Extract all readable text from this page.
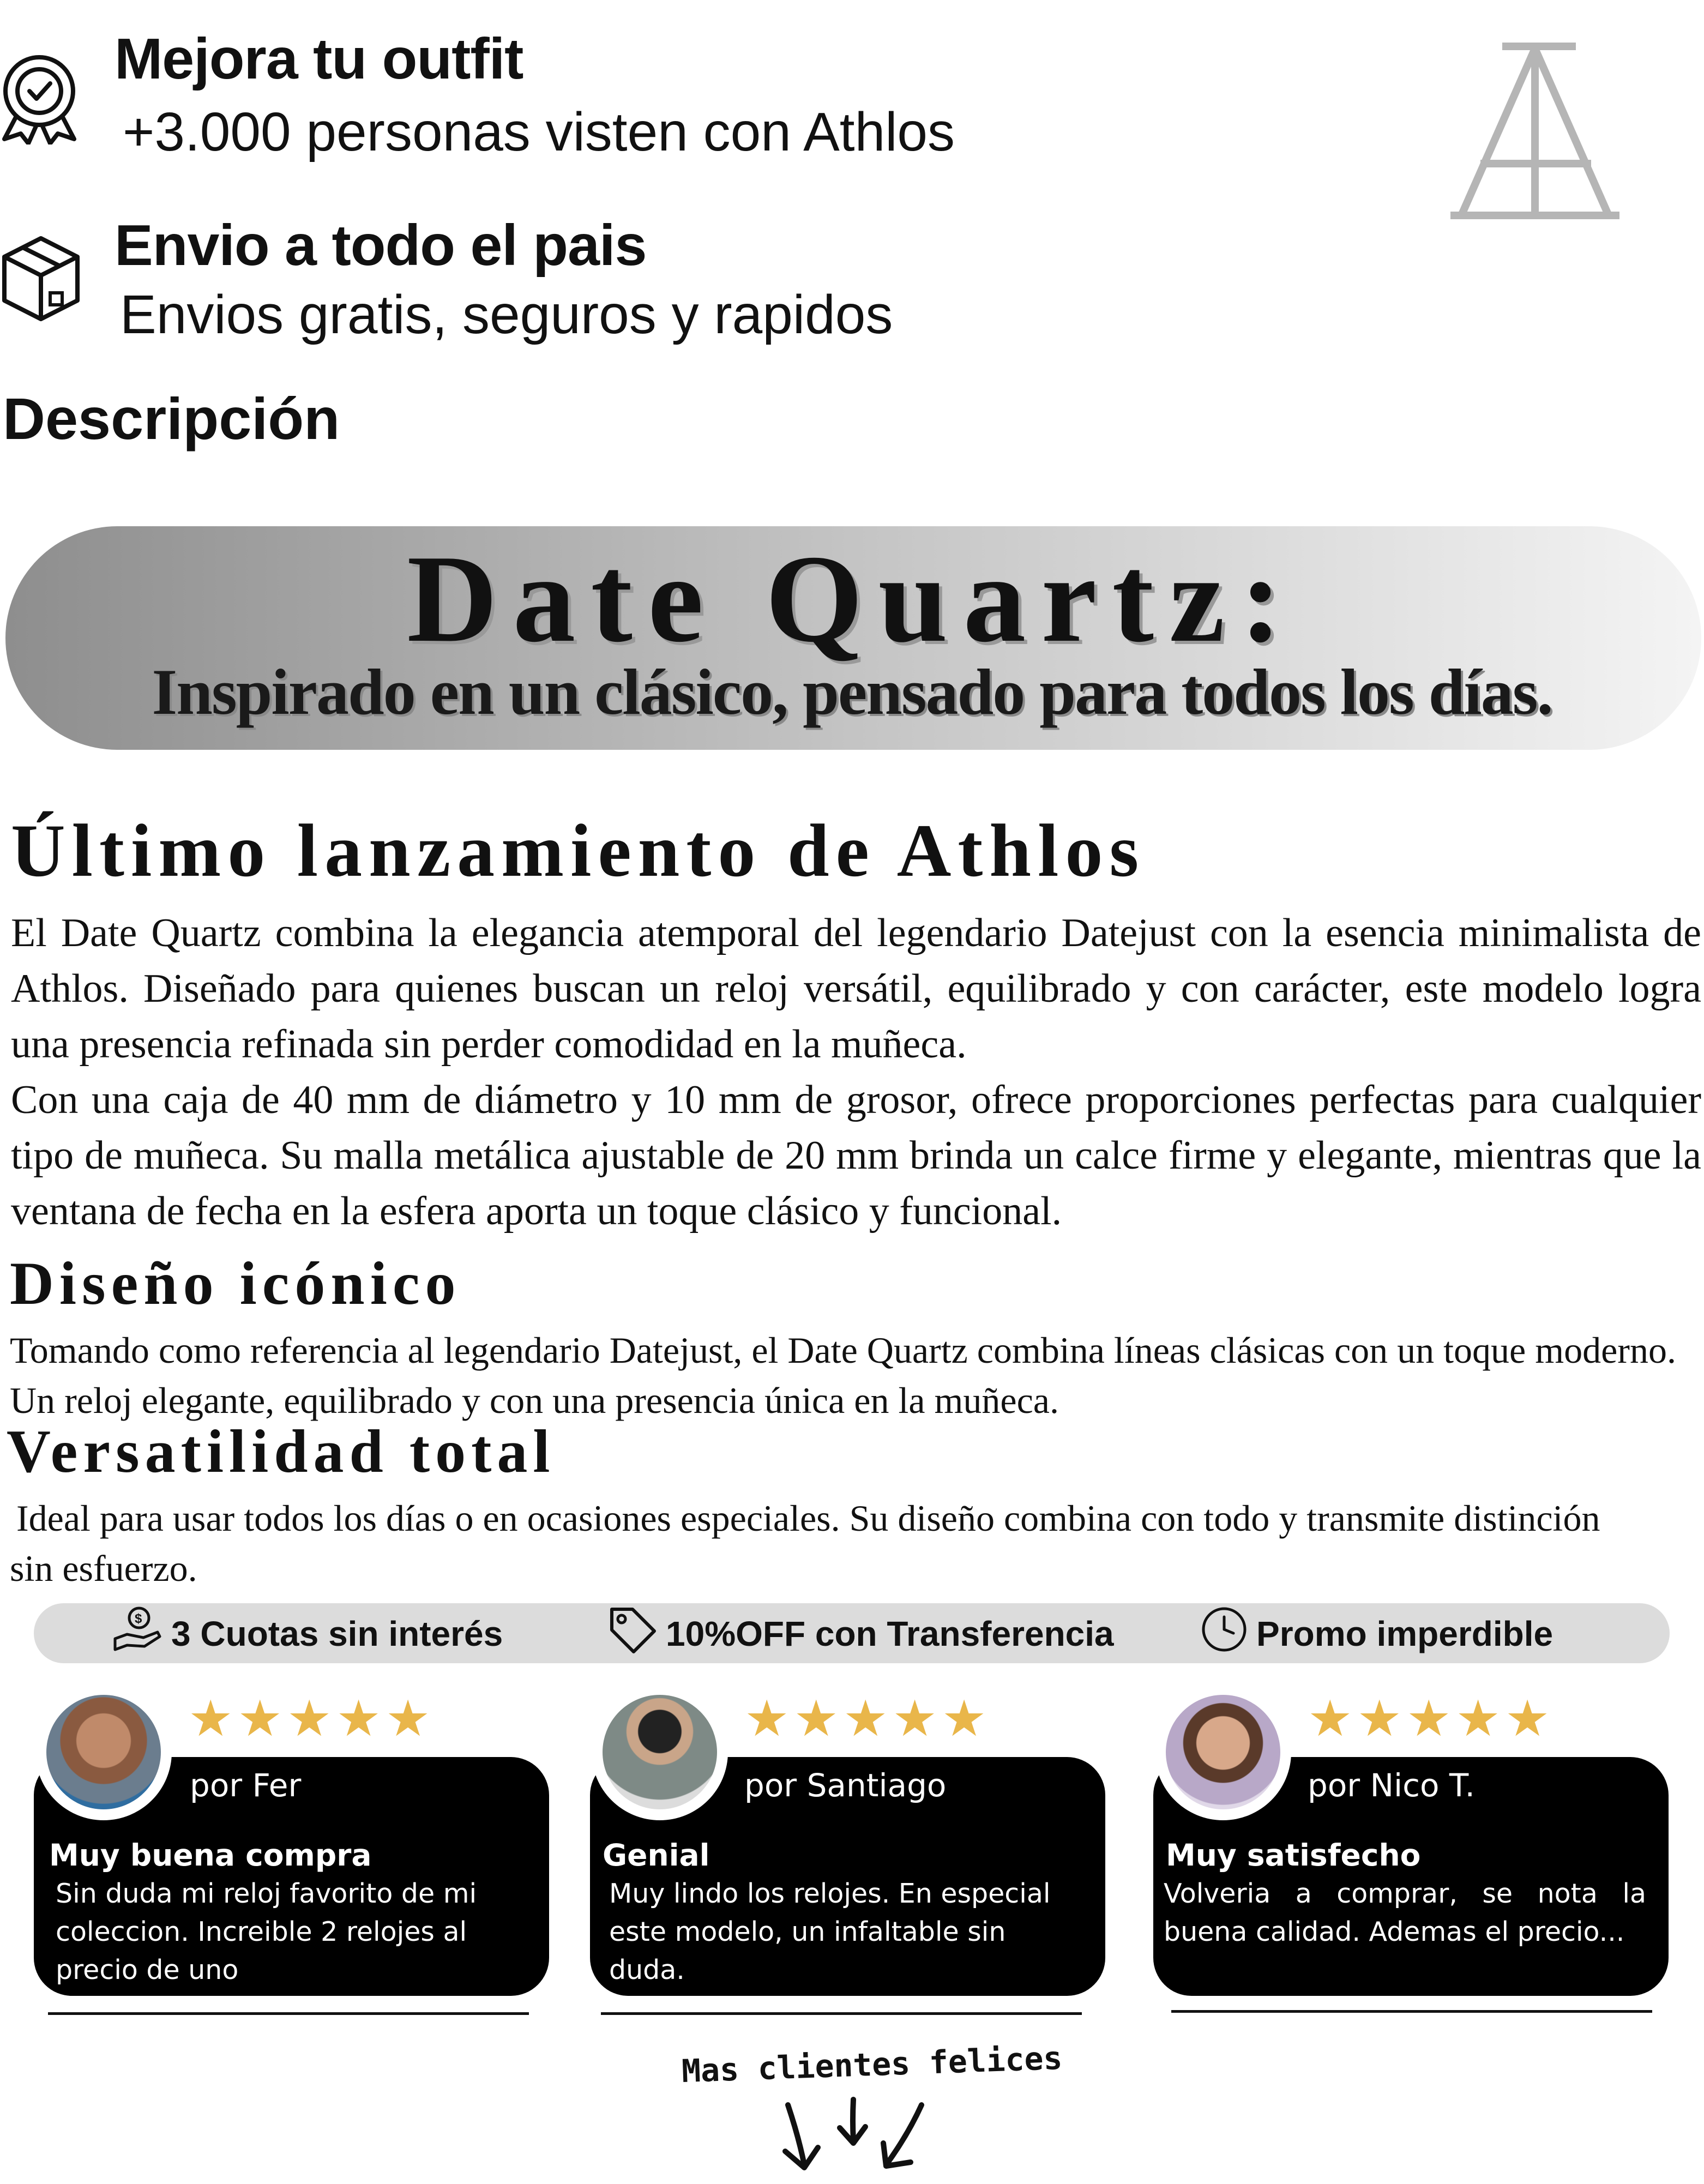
Mejora tu outfit
+3.000 personas visten con Athlos
Envio a todo el pais
Envios gratis, seguros y rapidos
Descripción
Date Quartz:
Inspirado en un clásico, pensado para todos los días.
Último lanzamiento de Athlos
El Date Quartz combina la elegancia atemporal del legendario Datejust con la esencia minimalista de Athlos. Diseñado para quienes buscan un reloj versátil, equilibrado y con carácter, este modelo logra una presencia refinada sin perder comodidad en la muñeca.
Con una caja de 40 mm de diámetro y 10 mm de grosor, ofrece proporciones perfectas para cualquier tipo de muñeca. Su malla metálica ajustable de 20 mm brinda un calce firme y elegante, mientras que la ventana de fecha en la esfera aporta un toque clásico y funcional.
Diseño icónico
Tomando como referencia al legendario Datejust, el Date Quartz combina líneas clásicas con un toque moderno. Un reloj elegante, equilibrado y con una presencia única en la muñeca.
Versatilidad total
Ideal para usar todos los días o en ocasiones especiales. Su diseño combina con todo y transmite distinción sin esfuerzo.
$ 3 Cuotas sin interés	10%OFF con Transferencia	Promo imperdible
★★★★★
por Fer
Muy buena compra
Sin duda mi reloj favorito de mi coleccion. Increible 2 relojes al precio de uno
★★★★★
por Santiago
Genial
Muy lindo los relojes. En especial este modelo, un infaltable sin duda.
★★★★★
por Nico T.
Muy satisfecho
Volveria a comprar, se nota la buena calidad. Ademas el precio...
Mas clientes felices
